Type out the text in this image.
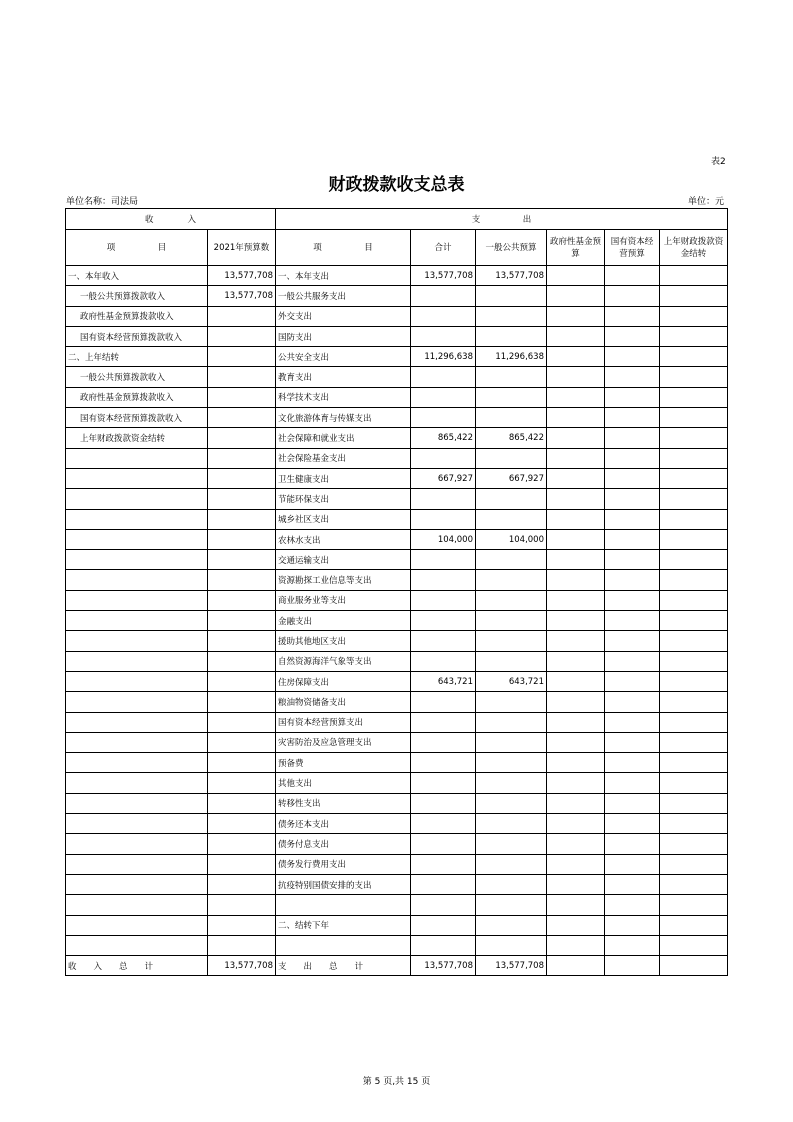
表2
财政拨款收支总表
单位名称：司法局	单位：元
收　　　　入		支　　　　　出					
项　　　　　目	2021年预算数	项　　　　　目	合计	一般公共预算	政府性基金预算	国有资本经营预算	上年财政拨款资金结转
一、本年收入	13,577,708	一、本年支出	13,577,708	13,577,708			
一般公共预算拨款收入	13,577,708	一般公共服务支出					
政府性基金预算拨款收入		外交支出					
国有资本经营预算拨款收入		国防支出					
二、上年结转		公共安全支出	11,296,638	11,296,638			
一般公共预算拨款收入		教育支出					
政府性基金预算拨款收入		科学技术支出					
国有资本经营预算拨款收入		文化旅游体育与传媒支出					
上年财政拨款资金结转		社会保障和就业支出	865,422	865,422			
		社会保险基金支出					
		卫生健康支出	667,927	667,927			
		节能环保支出					
		城乡社区支出					
		农林水支出	104,000	104,000			
		交通运输支出					
		资源勘探工业信息等支出					
		商业服务业等支出					
		金融支出					
		援助其他地区支出					
		自然资源海洋气象等支出					
		住房保障支出	643,721	643,721			
		粮油物资储备支出					
		国有资本经营预算支出					
		灾害防治及应急管理支出					
		预备费					
		其他支出					
		转移性支出					
		债务还本支出					
		债务付息支出					
		债务发行费用支出					
		抗疫特别国债安排的支出					

		二、结转下年					

收　　入　　总　　计	13,577,708	支　　出　　总　　计	13,577,708	13,577,708			
第 5 页,共 15 页
